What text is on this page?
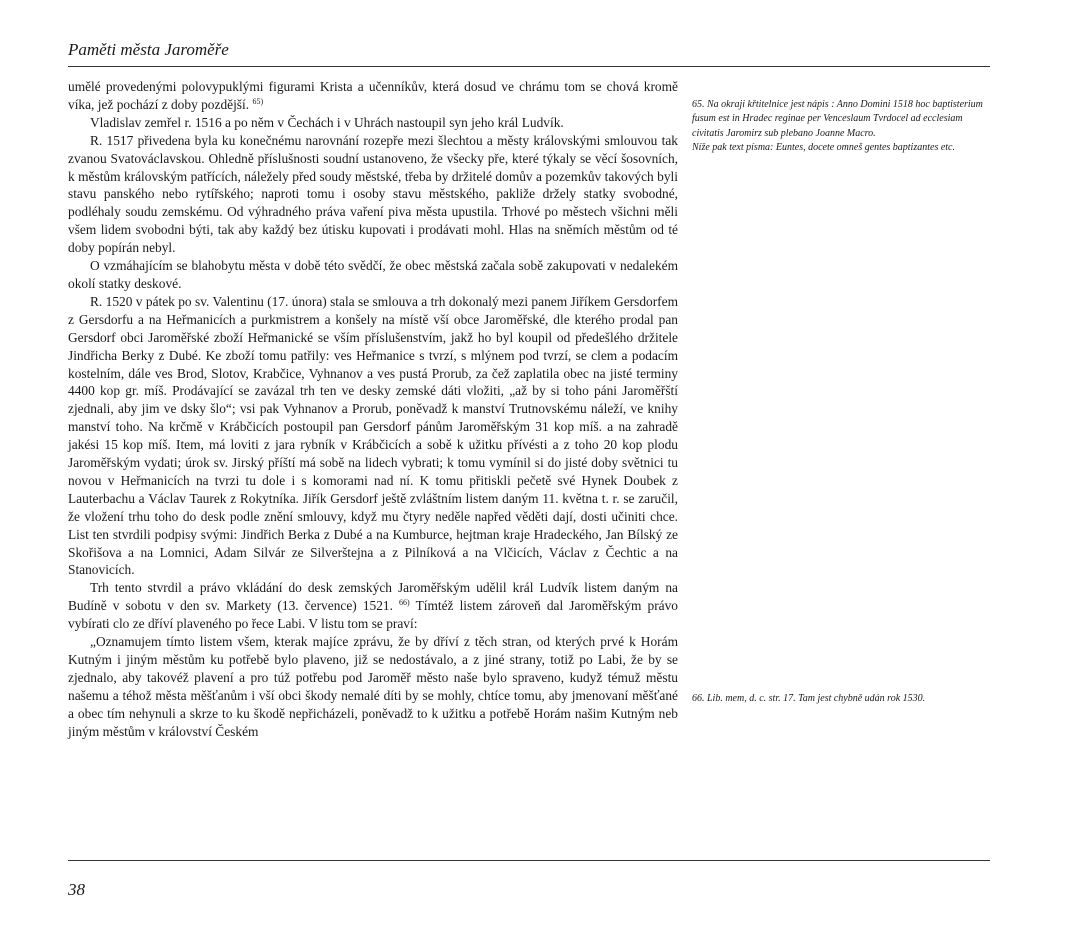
Paměti města Jaroměře

umělé provedenými polovypuklými figurami Krista a učenníkův, která dosud ve chrámu tom se chová kromě víka, jež pochází z doby pozdější. $^{65)}$

Vladislav zemřel r. 1516 a po něm v Čechách i v Uhrách nastoupil syn jeho král Ludvík.

R. 1517 přivedena byla ku konečnému narovnání rozepře mezi šlechtou a městy královskými smlouvou tak zvanou Svatováclavskou. Ohledně příslušnosti soudní ustanoveno, že všecky pře, které týkaly se věcí šosovních, k městům královským patřících, náležely před soudy městské, třeba by držitelé domův a pozemkův takových byli stavu panského nebo rytířského; naproti tomu i osoby stavu městského, pakliže držely statky svobodné, podléhaly soudu zemskému. Od výhradného práva vaření piva města upustila. Trhové po městech všichni měli všem lidem svobodni býti, tak aby každý bez útisku kupovati i prodávati mohl. Hlas na sněmích městům od té doby popírán nebyl.

O vzmáhajícím se blahobytu města v době této svědčí, že obec městská začala sobě zakupovati v nedalekém okolí statky deskové.

R. 1520 v pátek po sv. Valentinu (17. února) stala se smlouva a trh dokonalý mezi panem Jiříkem Gersdorfem z Gersdorfu a na Heřmanicích a purkmistrem a konšely na místě vší obce Jaroměřské, dle kterého prodal pan Gersdorf obci Jaroměřské zboží Heřmanické se vším příslušenstvím, jakž ho byl koupil od předešlého držitele Jindřicha Berky z Dubé. Ke zboží tomu patřily: ves Heřmanice s tvrzí, s mlýnem pod tvrzí, se clem a podacím kostelním, dále ves Brod, Slotov, Krabčice, Vyhnanov a ves pustá Prorub, za čež zaplatila obec na jisté terminy 4400 kop gr. míš. Prodávající se zavázal trh ten ve desky zemské dáti vložiti, „až by si toho páni Jaroměřští zjednali, aby jim ve dsky šlo“; vsi pak Vyhnanov a Prorub, poněvadž k manství Trutnovskému náleží, ve knihy manství toho. Na krčmě v Krábčicích postoupil pan Gersdorf pánům Jaroměřským 31 kop míš. a na zahradě jakési 15 kop míš. Item, má loviti z jara rybník v Krábčicích a sobě k užitku přívésti a z toho 20 kop plodu Jaroměřským vydati; úrok sv. Jirský příští má sobě na lidech vybrati; k tomu vymínil si do jisté doby světnici tu novou v Heřmanicích na tvrzi tu dole i s komorami nad ní. K tomu přitiskli pečetě své Hynek Doubek z Lauterbachu a Václav Taurek z Rokytníka. Jiřík Gersdorf ještě zvláštním listem daným 11. května t. r. se zaručil, že vložení trhu toho do desk podle znění smlouvy, když mu čtyry neděle napřed věděti dají, dosti učiniti chce. List ten stvrdili podpisy svými: Jindřich Berka z Dubé a na Kumburce, hejtman kraje Hradeckého, Jan Bílský ze Skořišova a na Lomnici, Adam Silvár ze Silverštejna a z Pilníková a na Vlčicích, Václav z Čechtic a na Stanovicích.

Trh tento stvrdil a právo vkládání do desk zemských Jaroměřským udělil král Ludvík listem daným na Budíně v sobotu v den sv. Markety (13. července) 1521. $^{66)}$ Tímtéž listem zároveň dal Jaroměřským právo vybírati clo ze dříví plaveného po řece Labi. V listu tom se praví:

„Oznamujem tímto listem všem, kterak majíce zprávu, že by dříví z těch stran, od kterých prvé k Horám Kutným i jiným městům ku potřebě bylo plaveno, již se nedostávalo, a z jiné strany, totiž po Labi, že by se zjednalo, aby takovéž plavení a pro túž potřebu pod Jaroměř město naše bylo spraveno, kudyž témuž městu našemu a téhož města měšťanům i vší obci škody nemalé díti by se mohly, chtíce tomu, aby jmenovaní měšťané a obec tím nehynuli a skrze to ku škodě nepřicházeli, poněvadž to k užitku a potřebě Horám našim Kutným neb jiným městům v království Českém

65. Na okraji křtitelnice jest nápis : Anno Domini 1518 hoc baptisterium fusum est in Hradec reginae per Venceslaum Tvrdocel ad ecclesiam civitatis Jaromirz sub plebano Joanne Macro.

Níže pak text písma: Euntes, docete omneš gentes baptizantes etc.

66. Lib. mem, d. c. str. 17. Tam jest chybně udán rok 1530.

38
